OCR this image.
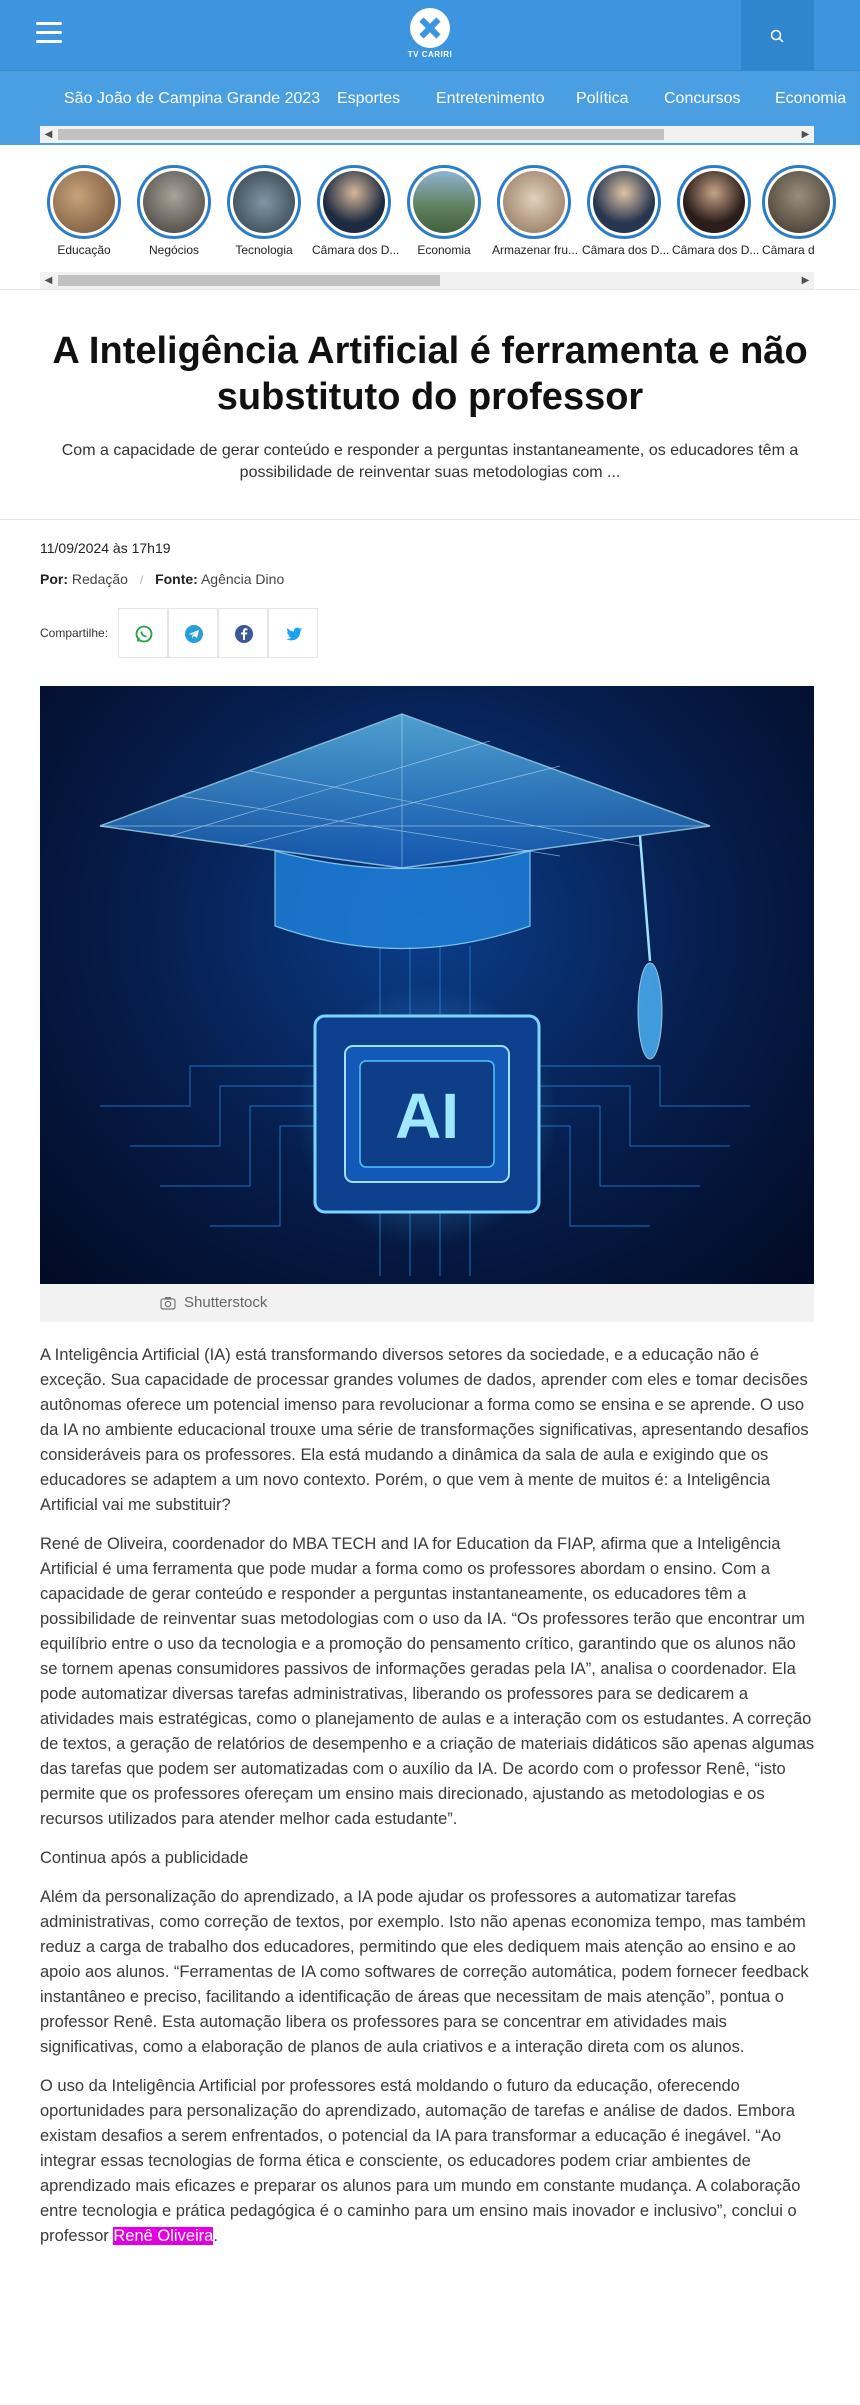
TV CARIRI
São João de Campina Grande 2023 Esportes Entretenimento Política Concursos Economia
◀	▶
Educação	Negócios	Tecnologia	Câmara dos D...	Economia	Armazenar fru... Câmara dos D... Câmara dos D... Câmara d
◀	▶
A Inteligência Artificial é ferramenta e não substituto do professor

Com a capacidade de gerar conteúdo e responder a perguntas instantaneamente, os educadores têm a possibilidade de reinventar suas metodologias com ...

11/09/2024 às 17h19
Por: Redação / Fonte: Agência Dino
Compartilhe:
AI
Shutterstock

A Inteligência Artificial (IA) está transformando diversos setores da sociedade, e a educação não é exceção. Sua capacidade de processar grandes volumes de dados, aprender com eles e tomar decisões autônomas oferece um potencial imenso para revolucionar a forma como se ensina e se aprende. O uso da IA no ambiente educacional trouxe uma série de transformações significativas, apresentando desafios consideráveis para os professores. Ela está mudando a dinâmica da sala de aula e exigindo que os educadores se adaptem a um novo contexto. Porém, o que vem à mente de muitos é: a Inteligência Artificial vai me substituir?

René de Oliveira, coordenador do MBA TECH and IA for Education da FIAP, afirma que a Inteligência Artificial é uma ferramenta que pode mudar a forma como os professores abordam o ensino. Com a capacidade de gerar conteúdo e responder a perguntas instantaneamente, os educadores têm a possibilidade de reinventar suas metodologias com o uso da IA. “Os professores terão que encontrar um equilíbrio entre o uso da tecnologia e a promoção do pensamento crítico, garantindo que os alunos não se tornem apenas consumidores passivos de informações geradas pela IA”, analisa o coordenador. Ela pode automatizar diversas tarefas administrativas, liberando os professores para se dedicarem a atividades mais estratégicas, como o planejamento de aulas e a interação com os estudantes. A correção de textos, a geração de relatórios de desempenho e a criação de materiais didáticos são apenas algumas das tarefas que podem ser automatizadas com o auxílio da IA. De acordo com o professor Renê, “isto permite que os professores ofereçam um ensino mais direcionado, ajustando as metodologias e os recursos utilizados para atender melhor cada estudante”.

Continua após a publicidade

Além da personalização do aprendizado, a IA pode ajudar os professores a automatizar tarefas administrativas, como correção de textos, por exemplo. Isto não apenas economiza tempo, mas também reduz a carga de trabalho dos educadores, permitindo que eles dediquem mais atenção ao ensino e ao apoio aos alunos. “Ferramentas de IA como softwares de correção automática, podem fornecer feedback instantâneo e preciso, facilitando a identificação de áreas que necessitam de mais atenção”, pontua o professor Renê. Esta automação libera os professores para se concentrar em atividades mais significativas, como a elaboração de planos de aula criativos e a interação direta com os alunos.

O uso da Inteligência Artificial por professores está moldando o futuro da educação, oferecendo oportunidades para personalização do aprendizado, automação de tarefas e análise de dados. Embora existam desafios a serem enfrentados, o potencial da IA para transformar a educação é inegável. “Ao integrar essas tecnologias de forma ética e consciente, os educadores podem criar ambientes de aprendizado mais eficazes e preparar os alunos para um mundo em constante mudança. A colaboração entre tecnologia e prática pedagógica é o caminho para um ensino mais inovador e inclusivo”, conclui o professor Renê Oliveira.
